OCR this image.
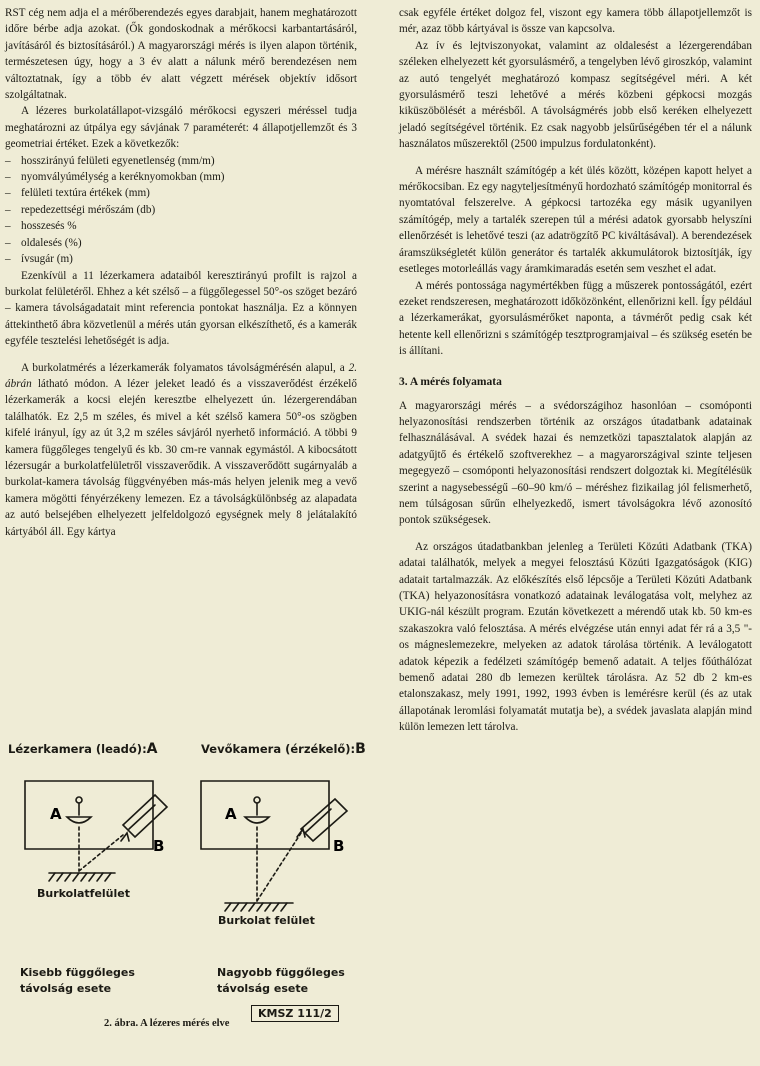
RST cég nem adja el a mérőberendezés egyes darabjait, hanem meghatározott időre bérbe adja azokat. (Ők gondoskodnak a mérőkocsi karbantartásáról, javításáról és biztosításáról.) A magyarországi mérés is ilyen alapon történik, természetesen úgy, hogy a 3 év alatt a nálunk mérő berendezésen nem változtatnak, így a több év alatt végzett mérések objektív idősort szolgáltatnak.

A lézeres burkolatállapot-vizsgáló mérőkocsi egyszeri méréssel tudja meghatározni az útpálya egy sávjának 7 paraméterét: 4 állapotjellemzőt és 3 geometriai értéket. Ezek a következők:

– hosszirányú felületi egyenetlenség (mm/m)
– nyomvályúmélység a keréknyomokban (mm)
– felületi textúra értékek (mm)
– repedezettségi mérőszám (db)
– hosszesés %
– oldalesés (%)
– ívsugár (m)

Ezenkívül a 11 lézerkamera adataiból keresztirányú profilt is rajzol a burkolat felületéről. Ehhez a két szélső – a függőlegessel 50°-os szöget bezáró – kamera távolságadatait mint referencia pontokat használja. Ez a könnyen áttekinthető ábra közvetlenül a mérés után gyorsan elkészíthető, és a kamerák egyféle tesztelési lehetőségét is adja.

A burkolatmérés a lézerkamerák folyamatos távolságmérésén alapul, a 2. ábrán látható módon. A lézer jeleket leadó és a visszaverődést érzékelő lézerkamerák a kocsi elején keresztbe elhelyezett ún. lézergerendában találhatók. Ez 2,5 m széles, és mivel a két szélső kamera 50°-os szögben kifelé irányul, így az út 3,2 m széles sávjáról nyerhető információ. A többi 9 kamera függőleges tengelyű és kb. 30 cm-re vannak egymástól. A kibocsátott lézersugár a burkolatfelületről visszaverődik. A visszaverődött sugárnyaláb a burkolat-kamera távolság függvényében más-más helyen jelenik meg a vevő kamera mögötti fényérzékeny lemezen. Ez a távolságkülönbség az alapadata az autó belsejében elhelyezett jelfeldolgozó egységnek mely 8 jelátalakító kártyából áll. Egy kártya

A
B
A
B
Lézerkamera (leadó):A	Vevőkamera (érzékelő):B
Burkolatfelület
Burkolat felület
Kisebb függőleges
távolság esete
Nagyobb függőleges
távolság esete
KMSZ 111/2
2. ábra. A lézeres mérés elve

csak egyféle értéket dolgoz fel, viszont egy kamera több állapotjellemzőt is mér, azaz több kártyával is össze van kapcsolva.

Az ív és lejtviszonyokat, valamint az oldalesést a lézergerendában széleken elhelyezett két gyorsulásmérő, a tengelyben lévő giroszkóp, valamint az autó tengelyét meghatározó kompasz segítségével méri. A két gyorsulásmérő teszi lehetővé a mérés közbeni gépkocsi mozgás kiküszöbölését a mérésből. A távolságmérés jobb első keréken elhelyezett jeladó segítségével történik. Ez csak nagyobb jelsűrűségében tér el a nálunk használatos műszerektől (2500 impulzus fordulatonként).

A mérésre használt számítógép a két ülés között, középen kapott helyet a mérőkocsiban. Ez egy nagyteljesítményű hordozható számítógép monitorral és nyomtatóval felszerelve. A gépkocsi tartozéka egy másik ugyanilyen számítógép, mely a tartalék szerepen túl a mérési adatok gyorsabb helyszíni ellenőrzését is lehetővé teszi (az adatrögzítő PC kiváltásával). A berendezések áramszükségletét külön generátor és tartalék akkumulátorok biztosítják, így esetleges motorleállás vagy áramkimaradás esetén sem veszhet el adat.

A mérés pontossága nagymértékben függ a műszerek pontosságától, ezért ezeket rendszeresen, meghatározott időközönként, ellenőrizni kell. Így például a lézerkamerákat, gyorsulásmérőket naponta, a távmérőt pedig csak két hetente kell ellenőrizni s számítógép tesztprogramjaival – és szükség esetén be is állítani.

3. A mérés folyamata

A magyarországi mérés – a svédországihoz hasonlóan – csomóponti helyazonosítási rendszerben történik az országos útadatbank adatainak felhasználásával. A svédek hazai és nemzetközi tapasztalatok alapján az adatgyűjtő és értékelő szoftverekhez – a magyarországival szinte teljesen megegyező – csomóponti helyazonosítási rendszert dolgoztak ki. Megítélésük szerint a nagysebességű –60–90 km/ó – méréshez fizikailag jól felismerhető, nem túlságosan sűrűn elhelyezkedő, ismert távolságokra lévő azonosító pontok szükségesek.

Az országos útadatbankban jelenleg a Területi Közúti Adatbank (TKA) adatai találhatók, melyek a megyei felosztású Közúti Igazgatóságok (KIG) adatait tartalmazzák. Az előkészítés első lépcsője a Területi Közúti Adatbank (TKA) helyazonosításra vonatkozó adatainak leválogatása volt, melyhez az UKIG-nál készült program. Ezután következett a mérendő utak kb. 50 km-es szakaszokra való felosztása. A mérés elvégzése után ennyi adat fér rá a 3,5 "-os mágneslemezekre, melyeken az adatok tárolása történik. A leválogatott adatok képezik a fedélzeti számítógép bemenő adatait. A teljes főúthálózat bemenő adatai 280 db lemezen kerültek tárolásra. Az 52 db 2 km-es etalonszakasz, mely 1991, 1992, 1993 évben is lemérésre kerül (és az utak állapotának leromlási folyamatát mutatja be), a svédek javaslata alapján mind külön lemezen lett tárolva.
